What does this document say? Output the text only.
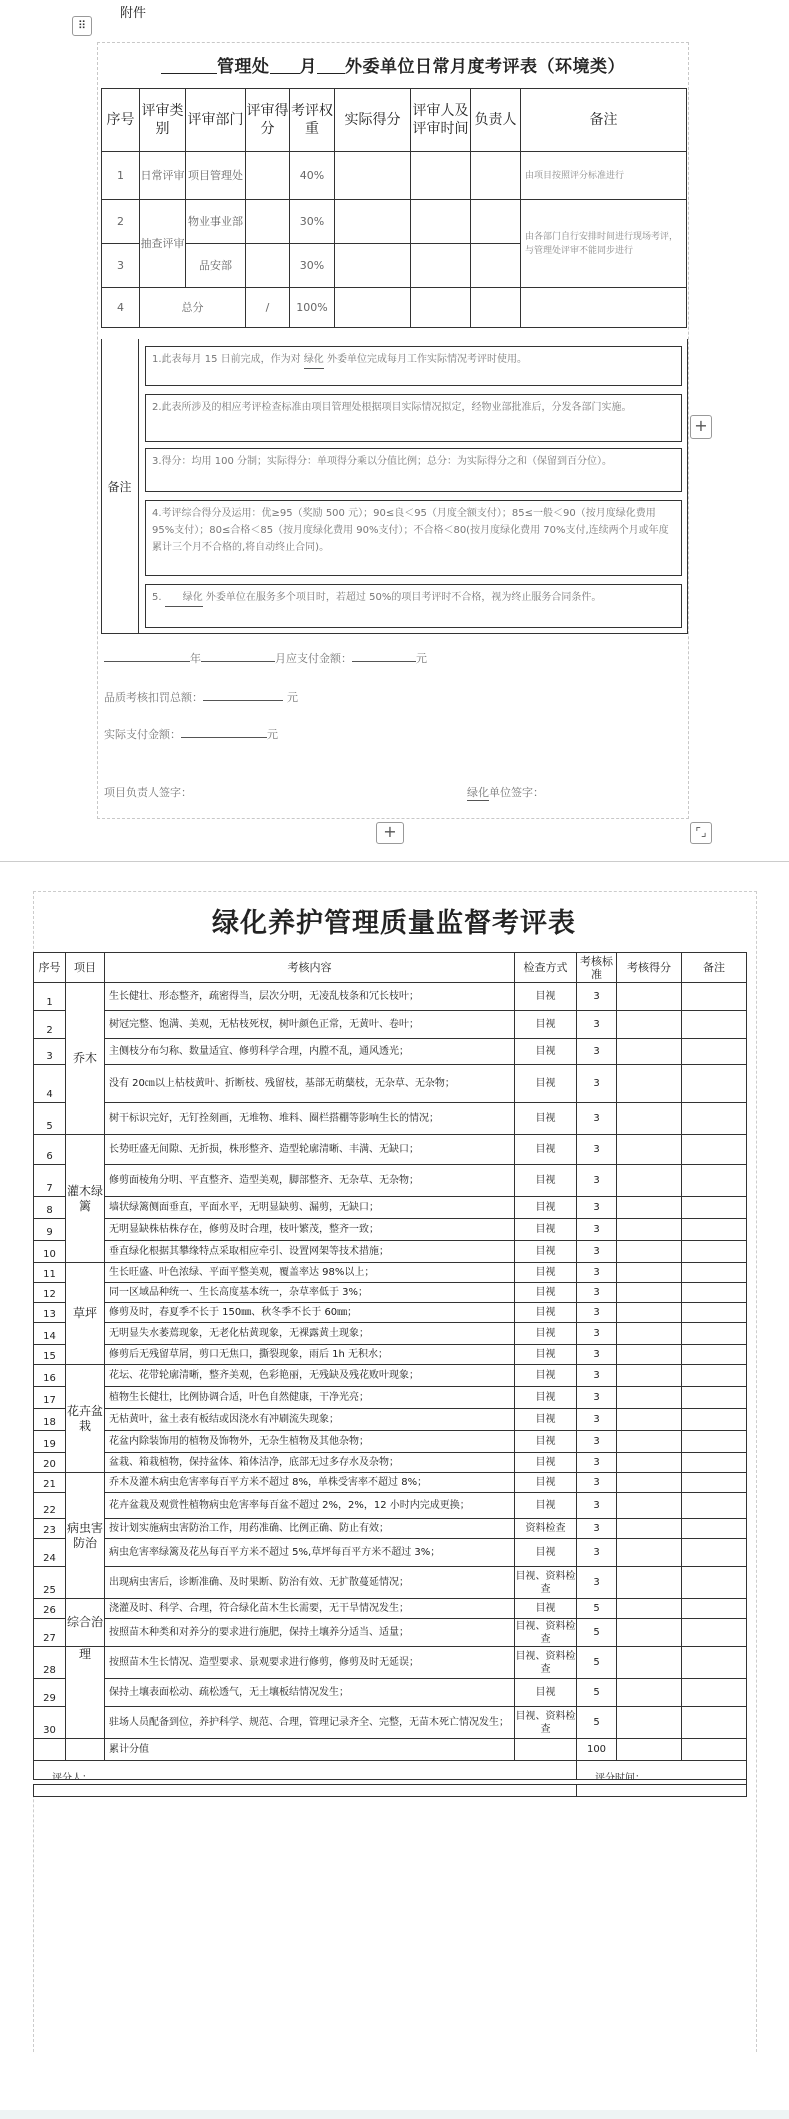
⠿
附件
管理处 月 外委单位日常月度考评表（环境类）
序号	评审类别	评审部门	评审得分	考评权重	实际得分	评审人及评审时间	负责人	备注
1	日常评审	项目管理处		40%				由项目按照评分标准进行
2	抽查评审	物业事业部		30%				由各部门自行安排时间进行现场考评，与管理处评审不能同步进行
3		品安部		30%				
4	总分		/	100%				
备注
1.此表每月 15 日前完成，作为对 绿化 外委单位完成每月工作实际情况考评时使用。
2.此表所涉及的相应考评检查标准由项目管理处根据项目实际情况拟定，经物业部批准后，分发各部门实施。
3.得分：均用 100 分制；实际得分：单项得分乘以分值比例；总分：为实际得分之和（保留到百分位）。
4.考评综合得分及运用：优≥95（奖励 500 元）；90≤良＜95（月度全额支付）；85≤一般＜90（按月度绿化费用 95%支付）；80≤合格＜85（按月度绿化费用 90%支付）；不合格＜80(按月度绿化费用 70%支付,连续两个月或年度累计三个月不合格的,将自动终止合同)。
5. 绿化 外委单位在服务多个项目时，若超过 50%的项目考评时不合格，视为终止服务合同条件。
+
年	月应支付金额：	元
品质考核扣罚总额：	元
实际支付金额：	元
项目负责人签字：	绿化单位签字：
+	⌜⌟
绿化养护管理质量监督考评表
序号	项目	考核内容	检查方式	考核标准	考核得分	备注
1	乔木	生长健壮、形态整齐，疏密得当，层次分明，无凌乱枝条和冗长枝叶；	目视	3		
2		树冠完整、饱满、美观，无枯枝死杈，树叶颜色正常，无黄叶、卷叶；	目视	3		
3		主侧枝分布匀称、数量适宜、修剪科学合理，内膛不乱，通风透光；	目视	3		
4		没有 20㎝以上枯枝黄叶、折断枝、残留枝，基部无萌蘖枝，无杂草、无杂物；	目视	3		
5		树干标识完好，无钉拴刻画，无堆物、堆料、圈栏搭棚等影响生长的情况；	目视	3		
6	灌木绿篱	长势旺盛无间隙、无折损，株形整齐、造型轮廓清晰、丰满、无缺口；	目视	3		
7		修剪面棱角分明、平直整齐、造型美观，脚部整齐、无杂草、无杂物；	目视	3		
8		墙状绿篱侧面垂直，平面水平，无明显缺剪、漏剪，无缺口；	目视	3		
9		无明显缺株枯株存在，修剪及时合理，枝叶繁茂，整齐一致；	目视	3		
10		垂直绿化根据其攀缘特点采取相应牵引、设置网架等技术措施；	目视	3		
11	草坪	生长旺盛、叶色浓绿、平面平整美观，覆盖率达 98%以上；	目视	3		
12		同一区域品种统一、生长高度基本统一，杂草率低于 3%；	目视	3		
13		修剪及时，春夏季不长于 150㎜、秋冬季不长于 60㎜；	目视	3		
14		无明显失水萎蔫现象，无老化枯黄现象，无裸露黄土现象；	目视	3		
15		修剪后无残留草屑，剪口无焦口，撕裂现象，雨后 1h 无积水；	目视	3		
16	花卉盆栽	花坛、花带轮廓清晰，整齐美观，色彩艳丽，无残缺及残花败叶现象；	目视	3		
17		植物生长健壮，比例协调合适，叶色自然健康，干净光亮；	目视	3		
18		无枯黄叶，盆土表有板结或因浇水有冲刷流失现象；	目视	3		
19		花盆内除装饰用的植物及饰物外，无杂生植物及其他杂物；	目视	3		
20		盆栽、箱栽植物，保持盆体、箱体洁净，底部无过多存水及杂物；	目视	3		
21	病虫害防治	乔木及灌木病虫危害率每百平方米不超过 8%，单株受害率不超过 8%；	目视	3		
22		花卉盆栽及观赏性植物病虫危害率每百盆不超过 2%，2%，12 小时内完成更换；	目视	3		
23		按计划实施病虫害防治工作，用药准确、比例正确、防止有效；	资料检查	3		
24		病虫危害率绿篱及花丛每百平方米不超过 5%,草坪每百平方米不超过 3%；	目视	3		
25		出现病虫害后，诊断准确、及时果断、防治有效、无扩散蔓延情况；	目视、资料检查	3		
26	综合治	浇灌及时、科学、合理，符合绿化苗木生长需要，无干旱情况发生；	目视	5		
27		按照苗木种类和对养分的要求进行施肥，保持土壤养分适当、适量；	目视、资料检查	5		
28	理	按照苗木生长情况、造型要求、景观要求进行修剪，修剪及时无延误；	目视、资料检查	5		
29		保持土壤表面松动、疏松透气，无土壤板结情况发生；	目视	5		
30		驻场人员配备到位，养护科学、规范、合理，管理记录齐全、完整，无苗木死亡情况发生；	目视、资料检查	5		
		累计分值		100		
